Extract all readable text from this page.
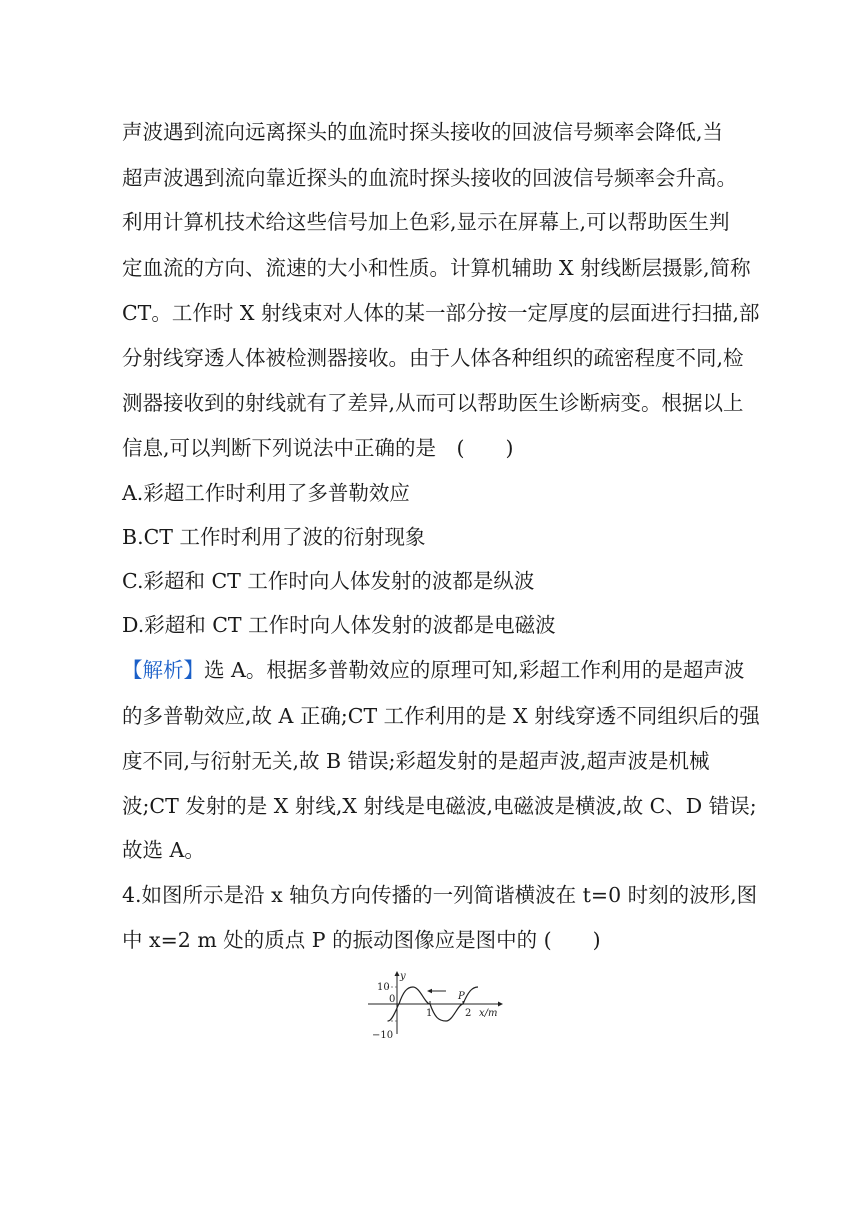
声波遇到流向远离探头的血流时探头接收的回波信号频率会降低,当
超声波遇到流向靠近探头的血流时探头接收的回波信号频率会升高。
利用计算机技术给这些信号加上色彩,显示在屏幕上,可以帮助医生判
定血流的方向、流速的大小和性质。计算机辅助 X 射线断层摄影,简称
CT。工作时 X 射线束对人体的某一部分按一定厚度的层面进行扫描,部
分射线穿透人体被检测器接收。由于人体各种组织的疏密程度不同,检
测器接收到的射线就有了差异,从而可以帮助医生诊断病变。根据以上
信息,可以判断下列说法中正确的是　(　　)
A.彩超工作时利用了多普勒效应
B.CT 工作时利用了波的衍射现象
C.彩超和 CT 工作时向人体发射的波都是纵波
D.彩超和 CT 工作时向人体发射的波都是电磁波
【解析】选 A。根据多普勒效应的原理可知,彩超工作利用的是超声波
的多普勒效应,故 A 正确;CT 工作利用的是 X 射线穿透不同组织后的强
度不同,与衍射无关,故 B 错误;彩超发射的是超声波,超声波是机械
波;CT 发射的是 X 射线,X 射线是电磁波,电磁波是横波,故 C、D 错误;
故选 A。
4.如图所示是沿 x 轴负方向传播的一列简谐横波在 t=0 时刻的波形,图
中 x=2 m 处的质点 P 的振动图像应是图中的 (　　)
y
10
−10
0
1	2
P
x/m
